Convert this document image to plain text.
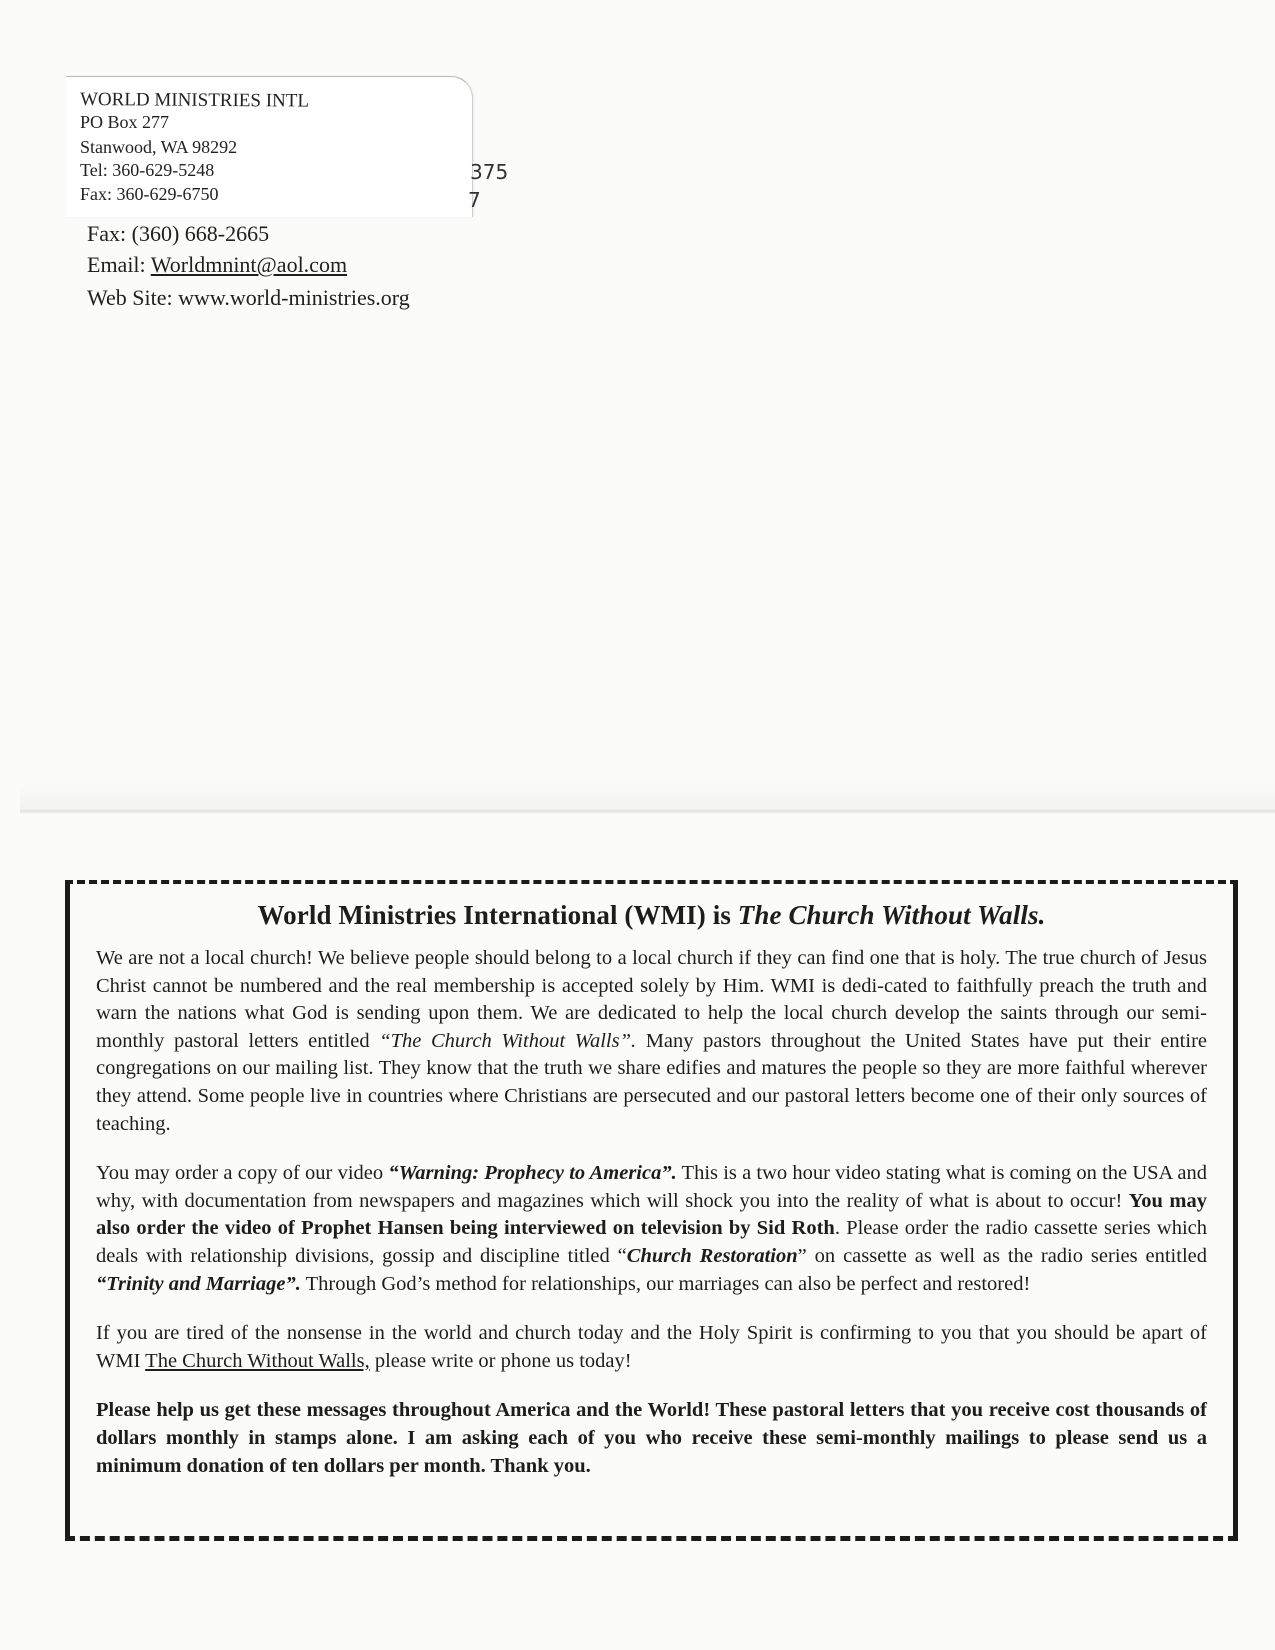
WORLD MINISTRIES INTL
PO Box 277
Stanwood, WA 98292
Tel: 360-629-5248
Fax: 360-629-6750
375
7
Fax: (360) 668-2665
Email: Worldmnint@aol.com
Web Site: www.world-ministries.org
World Ministries International (WMI) is The Church Without Walls.

We are not a local church! We believe people should belong to a local church if they can find one that is holy. The true church of Jesus Christ cannot be numbered and the real membership is accepted solely by Him. WMI is dedi-cated to faithfully preach the truth and warn the nations what God is sending upon them. We are dedicated to help the local church develop the saints through our semi-monthly pastoral letters entitled “The Church Without Walls”. Many pastors throughout the United States have put their entire congregations on our mailing list. They know that the truth we share edifies and matures the people so they are more faithful wherever they attend. Some people live in countries where Christians are persecuted and our pastoral letters become one of their only sources of teaching.

You may order a copy of our video “Warning: Prophecy to America”. This is a two hour video stating what is coming on the USA and why, with documentation from newspapers and magazines which will shock you into the reality of what is about to occur! You may also order the video of Prophet Hansen being interviewed on television by Sid Roth. Please order the radio cassette series which deals with relationship divisions, gossip and discipline titled “Church Restoration” on cassette as well as the radio series entitled “Trinity and Marriage”. Through God’s method for relationships, our marriages can also be perfect and restored!

If you are tired of the nonsense in the world and church today and the Holy Spirit is confirming to you that you should be apart of WMI The Church Without Walls, please write or phone us today!

Please help us get these messages throughout America and the World! These pastoral letters that you receive cost thousands of dollars monthly in stamps alone. I am asking each of you who receive these semi-monthly mailings to please send us a minimum donation of ten dollars per month. Thank you.
